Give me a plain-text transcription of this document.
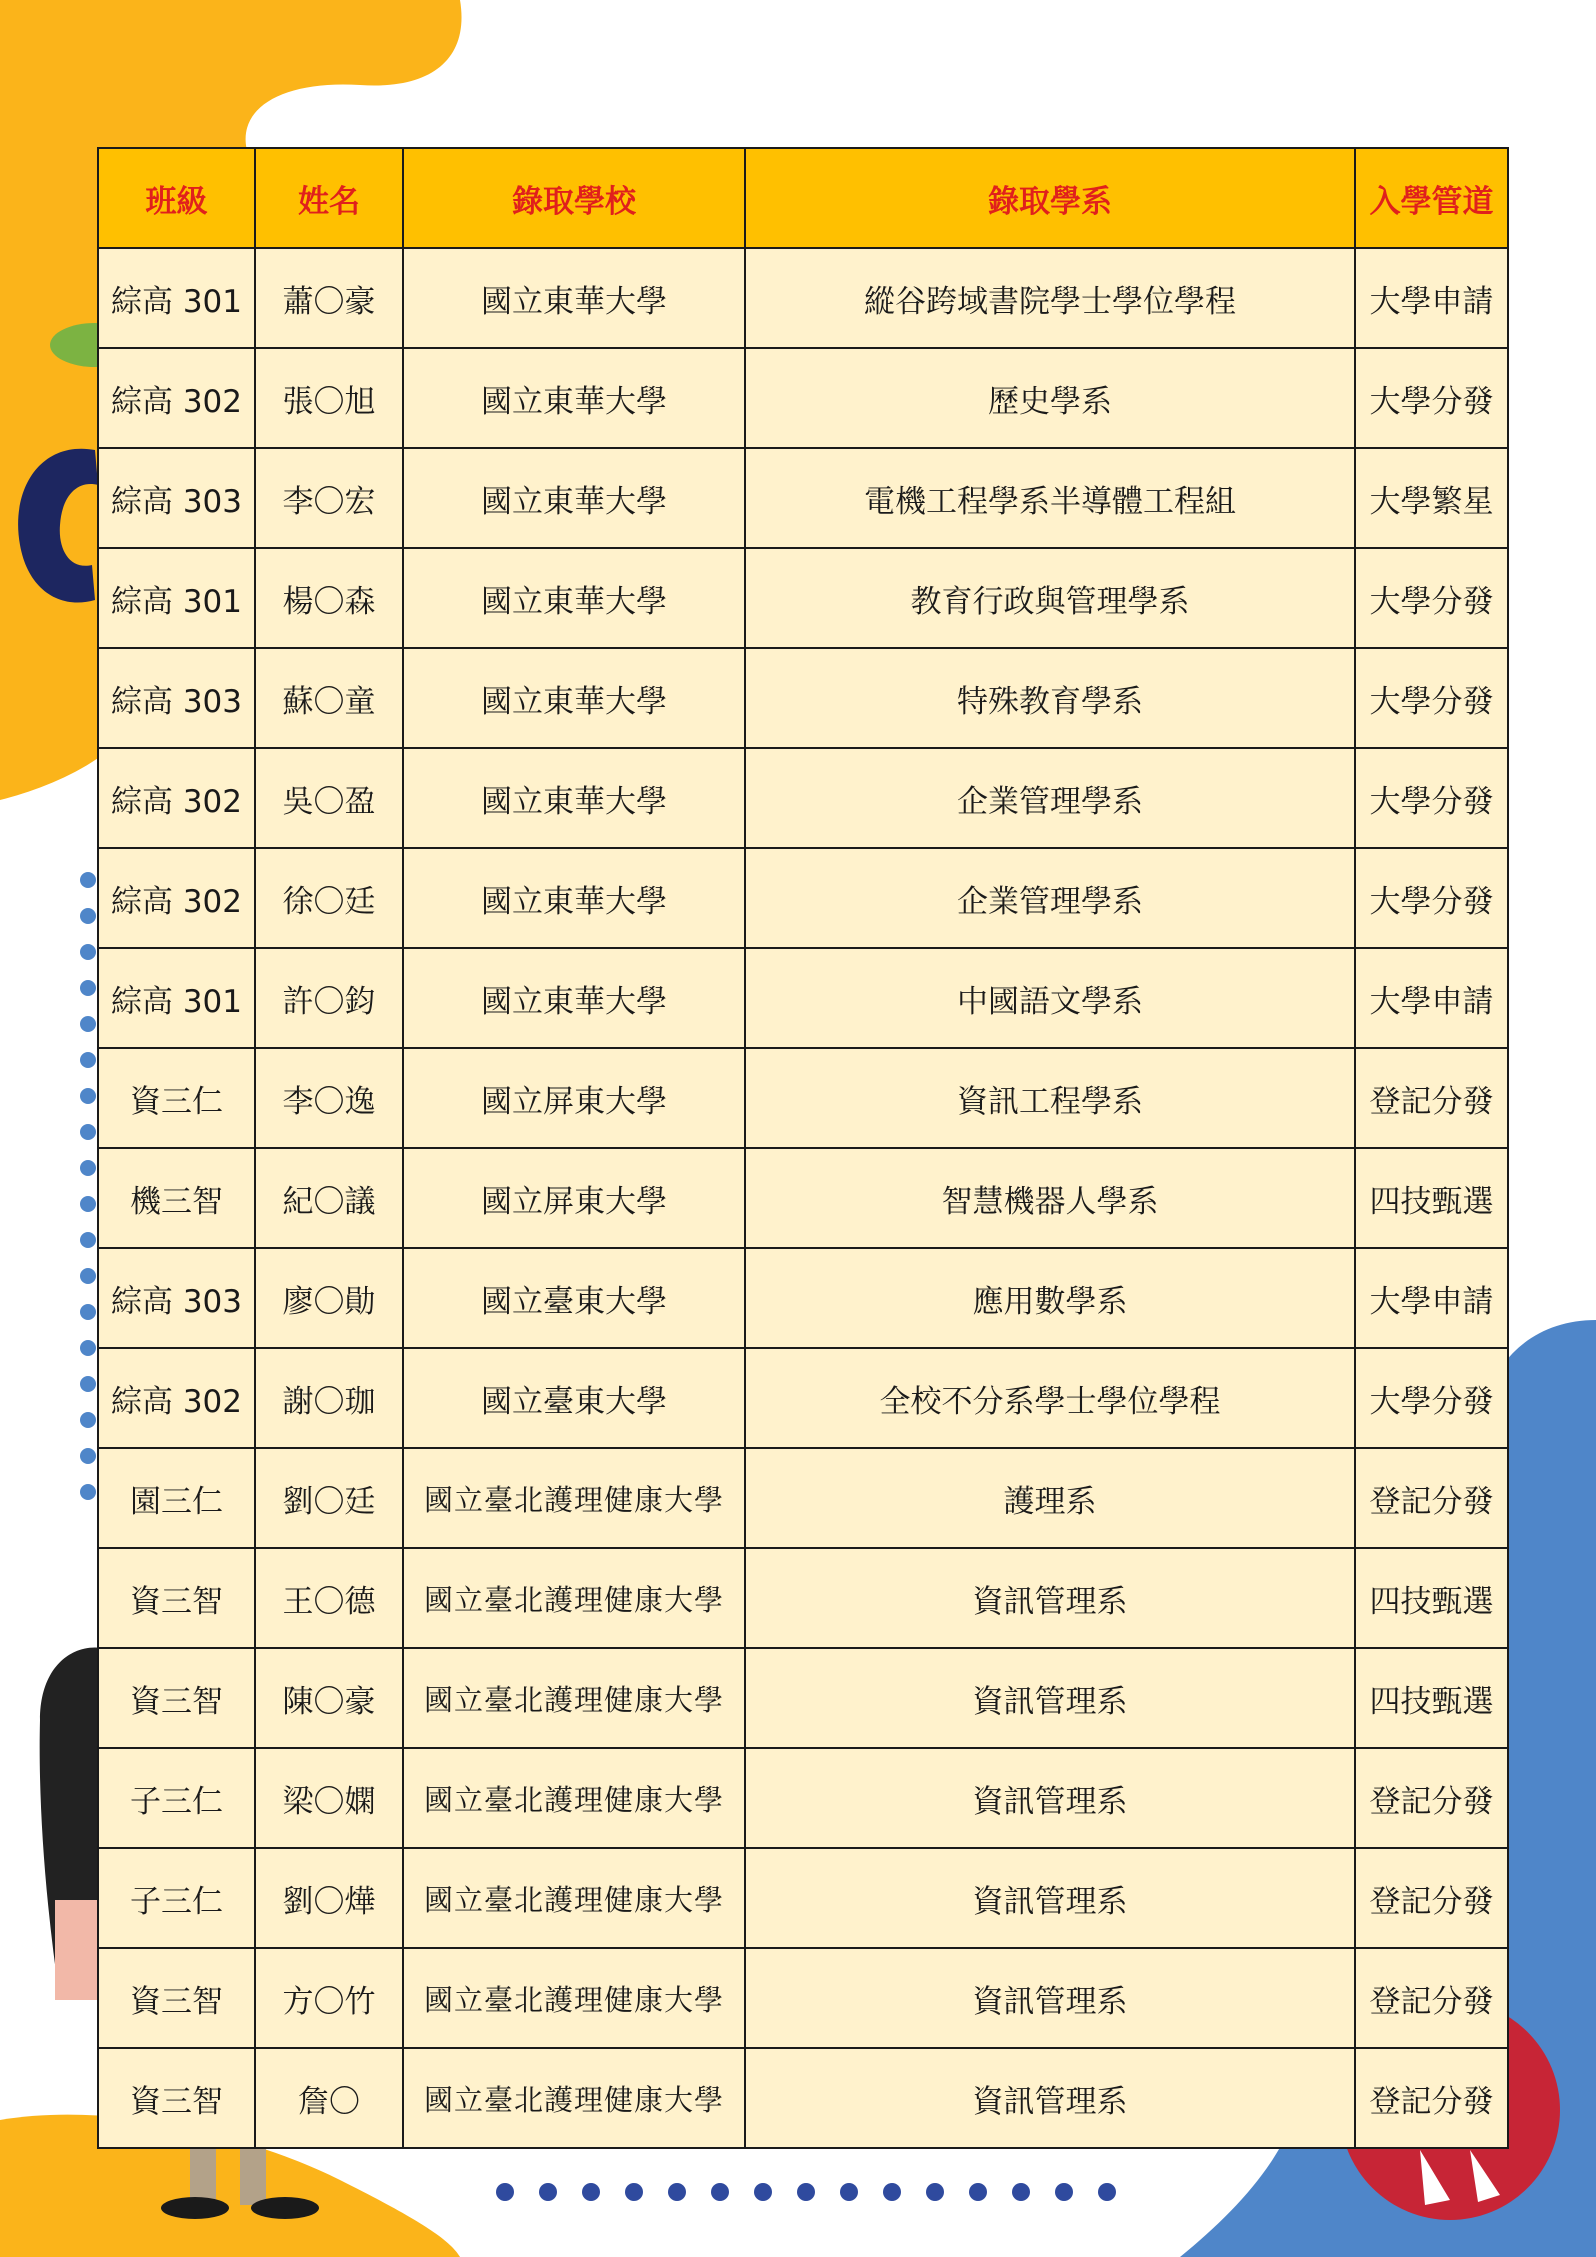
班級	姓名	錄取學校	錄取學系	入學管道
綜高 301	蕭〇豪	國立東華大學	縱谷跨域書院學士學位學程	大學申請
綜高 302	張〇旭	國立東華大學	歷史學系	大學分發
綜高 303	李〇宏	國立東華大學	電機工程學系半導體工程組	大學繁星
綜高 301	楊〇森	國立東華大學	教育行政與管理學系	大學分發
綜高 303	蘇〇童	國立東華大學	特殊教育學系	大學分發
綜高 302	吳〇盈	國立東華大學	企業管理學系	大學分發
綜高 302	徐〇廷	國立東華大學	企業管理學系	大學分發
綜高 301	許〇鈞	國立東華大學	中國語文學系	大學申請
資三仁	李〇逸	國立屏東大學	資訊工程學系	登記分發
機三智	紀〇議	國立屏東大學	智慧機器人學系	四技甄選
綜高 303	廖〇勛	國立臺東大學	應用數學系	大學申請
綜高 302	謝〇珈	國立臺東大學	全校不分系學士學位學程	大學分發
園三仁	劉〇廷	國立臺北護理健康大學	護理系	登記分發
資三智	王〇德	國立臺北護理健康大學	資訊管理系	四技甄選
資三智	陳〇豪	國立臺北護理健康大學	資訊管理系	四技甄選
子三仁	梁〇嫻	國立臺北護理健康大學	資訊管理系	登記分發
子三仁	劉〇燁	國立臺北護理健康大學	資訊管理系	登記分發
資三智	方〇竹	國立臺北護理健康大學	資訊管理系	登記分發
資三智	詹〇	國立臺北護理健康大學	資訊管理系	登記分發
